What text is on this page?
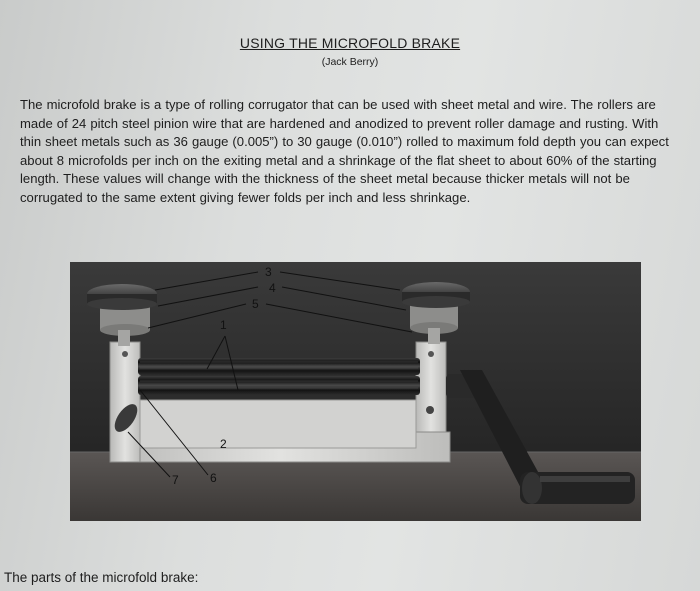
USING THE MICROFOLD BRAKE
(Jack Berry)
The microfold brake is a type of rolling corrugator that can be used with sheet metal and wire. The rollers are
made of 24 pitch steel pinion wire that are hardened and anodized to prevent roller damage and rusting. With
thin sheet metals such as 36 gauge (0.005”) to 30 gauge (0.010”) rolled to maximum fold depth you can expect
about 8 microfolds per inch on the exiting metal and a shrinkage of the flat sheet to about 60% of the starting
length. These values will change with the thickness of the sheet metal because thicker metals will not be
corrugated to the same extent giving fewer folds per inch and less shrinkage.
3
4
5
1
2
6
7
The parts of the microfold brake:
